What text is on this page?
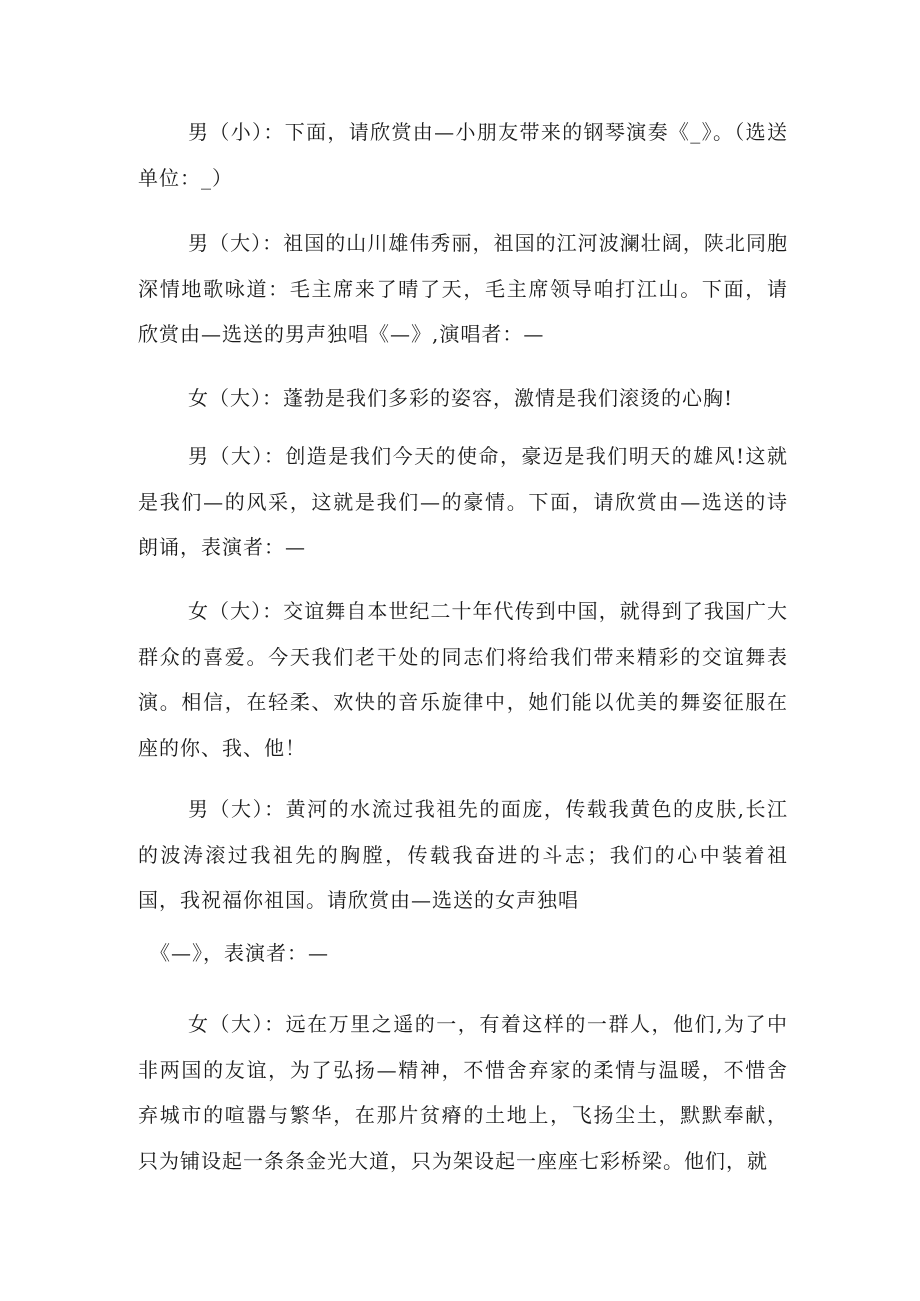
男（小）：下面，请欣赏由—小朋友带来的钢琴演奏《_》。（选送单位：_）

男（大）：祖国的山川雄伟秀丽，祖国的江河波澜壮阔，陕北同胞深情地歌咏道：毛主席来了晴了天，毛主席领导咱打江山。下面，请欣赏由—选送的男声独唱《—》,演唱者：—

女（大）：蓬勃是我们多彩的姿容，激情是我们滚烫的心胸!

男（大）：创造是我们今天的使命，豪迈是我们明天的雄风!这就是我们—的风采，这就是我们—的豪情。下面，请欣赏由—选送的诗朗诵，表演者：—

女（大）：交谊舞自本世纪二十年代传到中国，就得到了我国广大群众的喜爱。今天我们老干处的同志们将给我们带来精彩的交谊舞表演。相信，在轻柔、欢快的音乐旋律中，她们能以优美的舞姿征服在座的你、我、他！

男（大）：黄河的水流过我祖先的面庞，传载我黄色的皮肤,长江的波涛滚过我祖先的胸膛，传载我奋进的斗志；我们的心中装着祖国，我祝福你祖国。请欣赏由—选送的女声独唱

《—》，表演者：—

女（大）：远在万里之遥的一，有着这样的一群人，他们,为了中非两国的友谊，为了弘扬—精神，不惜舍弃家的柔情与温暖，不惜舍弃城市的喧嚣与繁华，在那片贫瘠的土地上，飞扬尘土，默默奉献，只为铺设起一条条金光大道，只为架设起一座座七彩桥梁。他们，就
